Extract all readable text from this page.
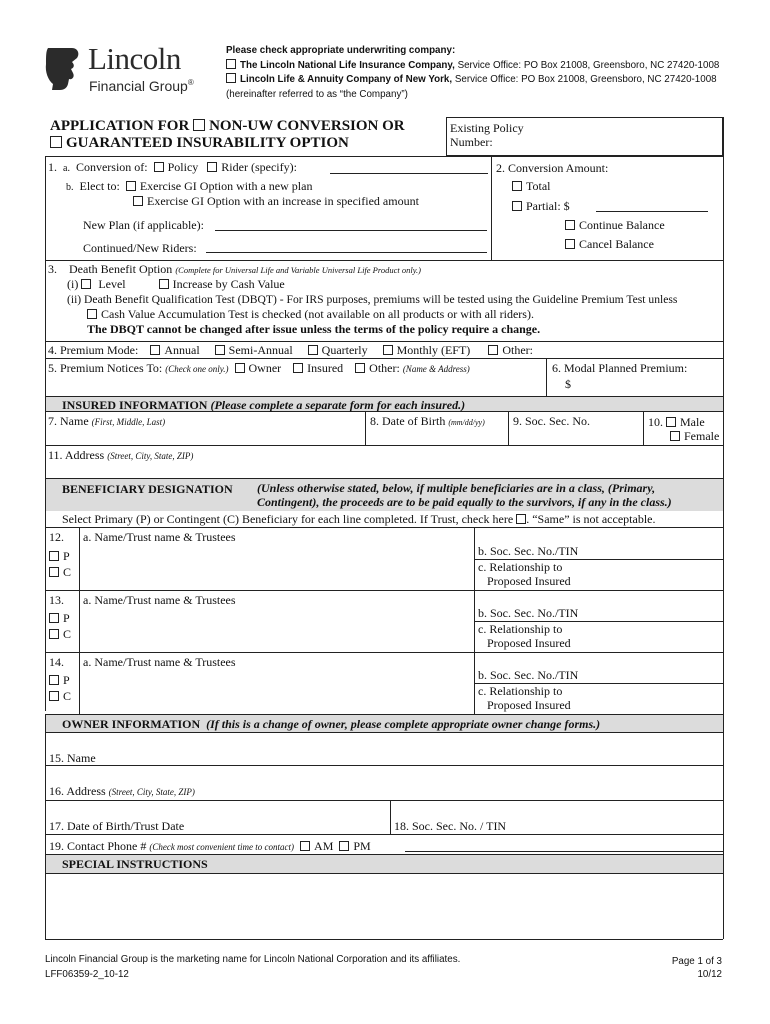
Lincoln
Financial Group®
Please check appropriate underwriting company:
The Lincoln National Life Insurance Company, Service Office: PO Box 21008, Greensboro, NC 27420-1008
Lincoln Life & Annuity Company of New York, Service Office: PO Box 21008, Greensboro, NC 27420-1008
(hereinafter referred to as “the Company”)
APPLICATION FOR NON-UW CONVERSION OR
GUARANTEED INSURABILITY OPTION
Existing Policy
Number:
1. a. Conversion of: Policy Rider (specify):
b. Elect to: Exercise GI Option with a new plan
Exercise GI Option with an increase in specified amount
New Plan (if applicable):
Continued/New Riders:
2. Conversion Amount:
Total
Partial: $
Continue Balance
Cancel Balance
3. Death Benefit Option (Complete for Universal Life and Variable Universal Life Product only.)
(i) Level	Increase by Cash Value
(ii) Death Benefit Qualification Test (DBQT) - For IRS purposes, premiums will be tested using the Guideline Premium Test unless
Cash Value Accumulation Test is checked (not available on all products or with all riders).
The DBQT cannot be changed after issue unless the terms of the policy require a change.
4. Premium Mode: Annual Semi-Annual Quarterly Monthly (EFT)	Other:
5. Premium Notices To: (Check one only.) Owner Insured Other: (Name & Address)	6. Modal Planned Premium:
$
INSURED INFORMATION (Please complete a separate form for each insured.)
7. Name (First, Middle, Last)	8. Date of Birth (mm/dd/yy) 9. Soc. Sec. No.	10. Male
Female
11. Address (Street, City, State, ZIP)
BENEFICIARY DESIGNATION (Unless otherwise stated, below, if multiple beneficiaries are in a class, (Primary,
Contingent), the proceeds are to be paid equally to the survivors, if any in the class.)
Select Primary (P) or Contingent (C) Beneficiary for each line completed. If Trust, check here . “Same” is not acceptable.
12.
P
C
a. Name/Trust name & Trustees
b. Soc. Sec. No./TIN
c. Relationship to
Proposed Insured
13.
P
C
a. Name/Trust name & Trustees
b. Soc. Sec. No./TIN
c. Relationship to
Proposed Insured
14.
P
C
a. Name/Trust name & Trustees
b. Soc. Sec. No./TIN
c. Relationship to
Proposed Insured
OWNER INFORMATION (If this is a change of owner, please complete appropriate owner change forms.)
15. Name
16. Address (Street, City, State, ZIP)
17. Date of Birth/Trust Date	18. Soc. Sec. No. / TIN
19. Contact Phone # (Check most convenient time to contact) AM PM
SPECIAL INSTRUCTIONS
Lincoln Financial Group is the marketing name for Lincoln National Corporation and its affiliates.
LFF06359-2_10-12
Page 1 of 3
10/12
